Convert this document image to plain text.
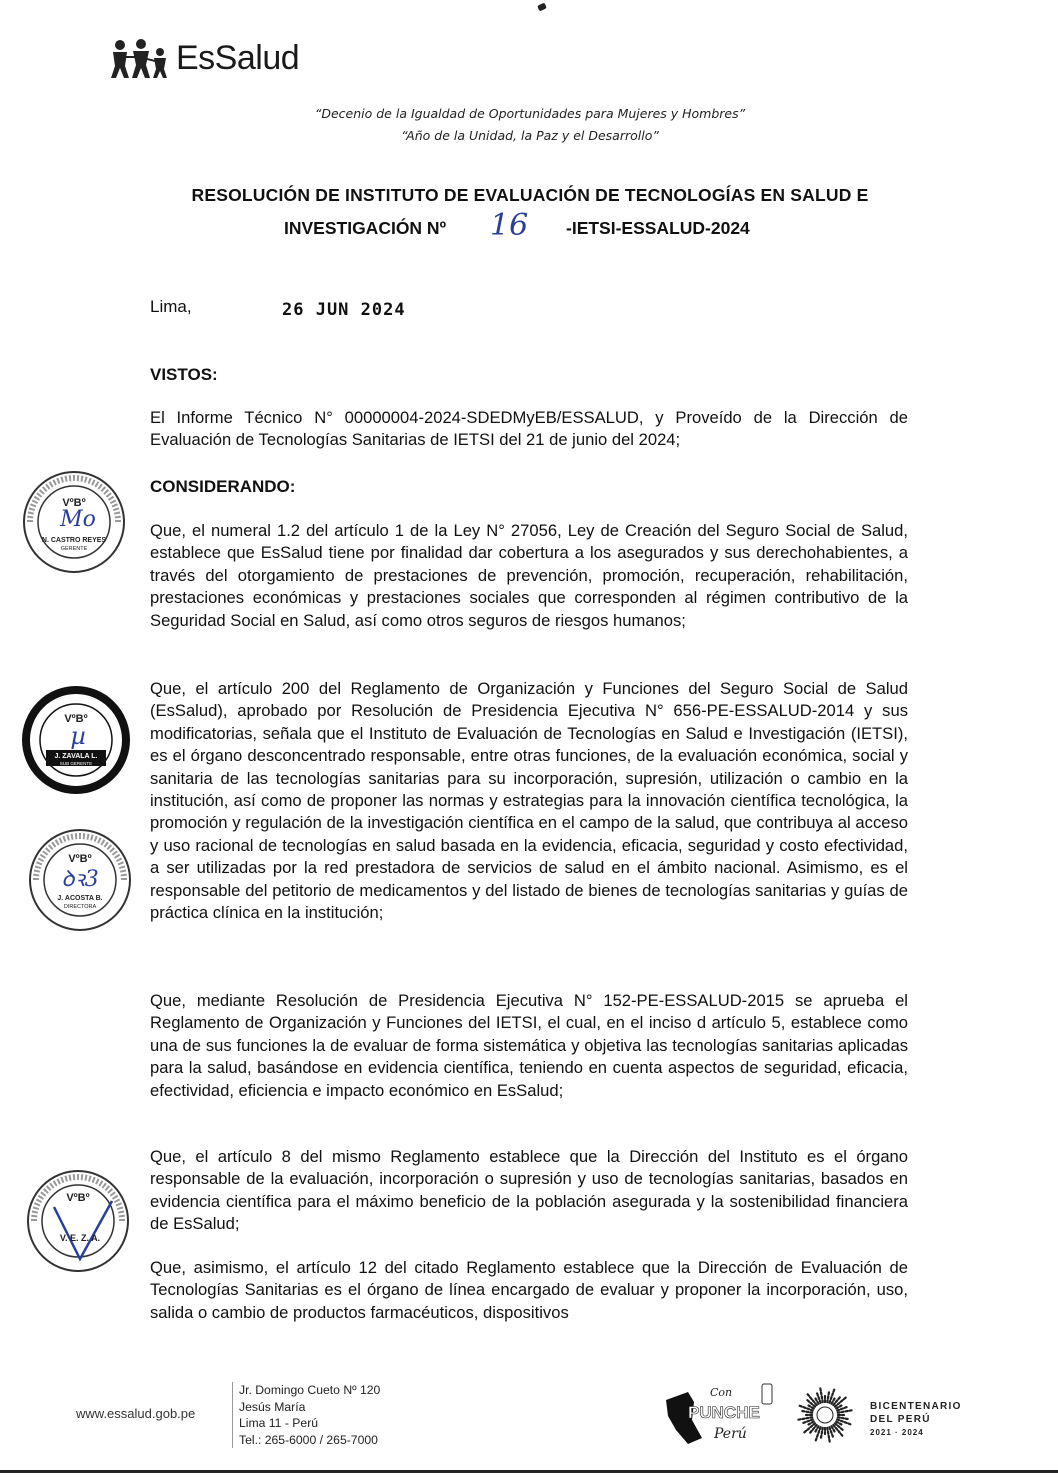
EsSalud
“Decenio de la Igualdad de Oportunidades para Mujeres y Hombres”
“Año de la Unidad, la Paz y el Desarrollo”
RESOLUCIÓN DE INSTITUTO DE EVALUACIÓN DE TECNOLOGÍAS EN SALUD E
INVESTIGACIÓN Nº 16 -IETSI-ESSALUD-2024
Lima,	26 JUN 2024
VISTOS:
El Informe Técnico N° 00000004-2024-SDEDMyEB/ESSALUD, y Proveído de la Dirección de Evaluación de Tecnologías Sanitarias de IETSI del 21 de junio del 2024;
CONSIDERANDO:
Que, el numeral 1.2 del artículo 1 de la Ley N° 27056, Ley de Creación del Seguro Social de Salud, establece que EsSalud tiene por finalidad dar cobertura a los asegurados y sus derechohabientes, a través del otorgamiento de prestaciones de prevención, promoción, recuperación, rehabilitación, prestaciones económicas y prestaciones sociales que corresponden al régimen contributivo de la Seguridad Social en Salud, así como otros seguros de riesgos humanos;
Que, el artículo 200 del Reglamento de Organización y Funciones del Seguro Social de Salud (EsSalud), aprobado por Resolución de Presidencia Ejecutiva N° 656-PE-ESSALUD-2014 y sus modificatorias, señala que el Instituto de Evaluación de Tecnologías en Salud e Investigación (IETSI), es el órgano desconcentrado responsable, entre otras funciones, de la evaluación económica, social y sanitaria de las tecnologías sanitarias para su incorporación, supresión, utilización o cambio en la institución, así como de proponer las normas y estrategias para la innovación científica tecnológica, la promoción y regulación de la investigación científica en el campo de la salud, que contribuya al acceso y uso racional de tecnologías en salud basada en la evidencia, eficacia, seguridad y costo efectividad, a ser utilizadas por la red prestadora de servicios de salud en el ámbito nacional. Asimismo, es el responsable del petitorio de medicamentos y del listado de bienes de tecnologías sanitarias y guías de práctica clínica en la institución;
Que, mediante Resolución de Presidencia Ejecutiva N° 152-PE-ESSALUD-2015 se aprueba el Reglamento de Organización y Funciones del IETSI, el cual, en el inciso d artículo 5, establece como una de sus funciones la de evaluar de forma sistemática y objetiva las tecnologías sanitarias aplicadas para la salud, basándose en evidencia científica, teniendo en cuenta aspectos de seguridad, eficacia, efectividad, eficiencia e impacto económico en EsSalud;
Que, el artículo 8 del mismo Reglamento establece que la Dirección del Instituto es el órgano responsable de la evaluación, incorporación o supresión y uso de tecnologías sanitarias, basados en evidencia científica para el máximo beneficio de la población asegurada y la sostenibilidad financiera de EsSalud;
Que, asimismo, el artículo 12 del citado Reglamento establece que la Dirección de Evaluación de Tecnologías Sanitarias es el órgano de línea encargado de evaluar y proponer la incorporación, uso, salida o cambio de productos farmacéuticos, dispositivos
VºBº
Mo
N. CASTRO REYES
GERENTE
VºBº
µ
J. ZAVALA L.
SUB GERENTE
VºBº
ꝺꝛ3
J. ACOSTA B.
DIRECTORA
VºBº
V. E. Z. A.
www.essalud.gob.pe
Jr. Domingo Cueto Nº 120
Jesús María
Lima 11 - Perú
Tel.: 265-6000 / 265-7000
Con
PUNCHE
Perú
BICENTENARIO
DEL PERÚ
2021 · 2024
